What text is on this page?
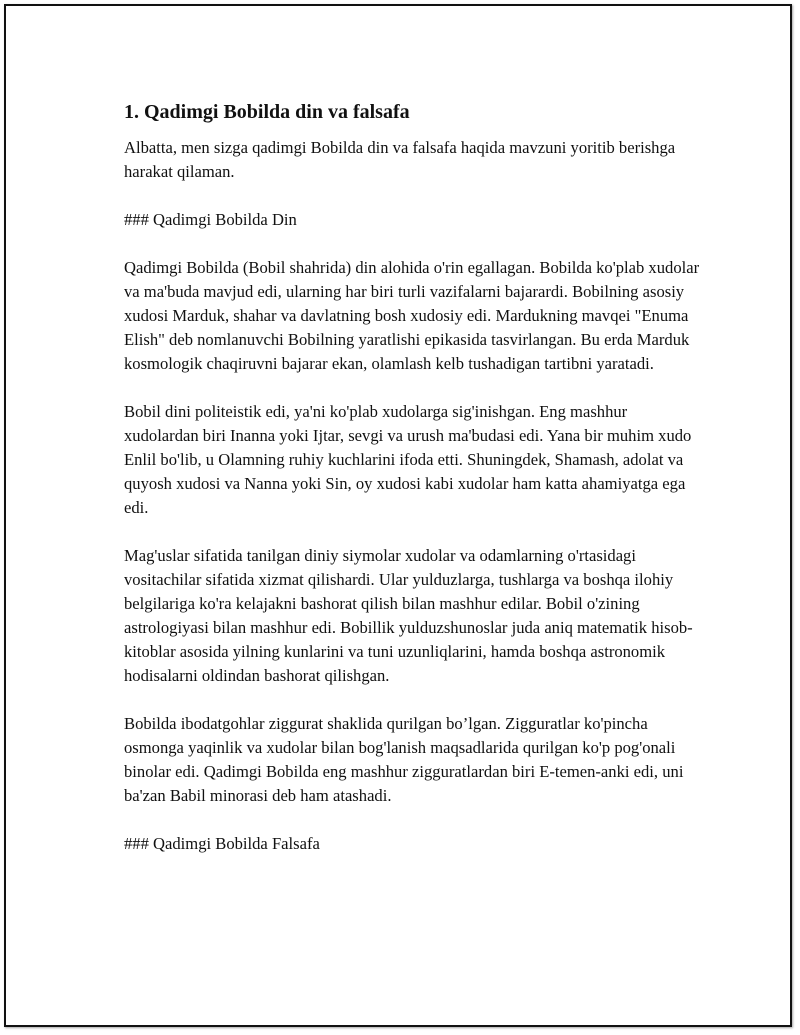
1. Qadimgi Bobilda din va falsafa

Albatta, men sizga qadimgi Bobilda din va falsafa haqida mavzuni yoritib berishga harakat qilaman.

### Qadimgi Bobilda Din

Qadimgi Bobilda (Bobil shahrida) din alohida o'rin egallagan. Bobilda ko'plab xudolar va ma'buda mavjud edi, ularning har biri turli vazifalarni bajarardi. Bobilning asosiy xudosi Marduk, shahar va davlatning bosh xudosiy edi. Mardukning mavqei "Enuma Elish" deb nomlanuvchi Bobilning yaratlishi epikasida tasvirlangan. Bu erda Marduk kosmologik chaqiruvni bajarar ekan, olamlash kelb tushadigan tartibni yaratadi.

Bobil dini politeistik edi, ya'ni ko'plab xudolarga sig'inishgan. Eng mashhur xudolardan biri Inanna yoki Ijtar, sevgi va urush ma'budasi edi. Yana bir muhim xudo Enlil bo'lib, u Olamning ruhiy kuchlarini ifoda etti. Shuningdek, Shamash, adolat va quyosh xudosi va Nanna yoki Sin, oy xudosi kabi xudolar ham katta ahamiyatga ega edi.

Mag'uslar sifatida tanilgan diniy siymolar xudolar va odamlarning o'rtasidagi vositachilar sifatida xizmat qilishardi. Ular yulduzlarga, tushlarga va boshqa ilohiy belgilariga ko'ra kelajakni bashorat qilish bilan mashhur edilar. Bobil o'zining astrologiyasi bilan mashhur edi. Bobillik yulduzshunoslar juda aniq matematik hisob-kitoblar asosida yilning kunlarini va tuni uzunliqlarini, hamda boshqa astronomik hodisalarni oldindan bashorat qilishgan.

Bobilda ibodatgohlar ziggurat shaklida qurilgan bo’lgan. Zigguratlar ko'pincha osmonga yaqinlik va xudolar bilan bog'lanish maqsadlarida qurilgan ko'p pog'onali binolar edi. Qadimgi Bobilda eng mashhur zigguratlardan biri E-temen-anki edi, uni ba'zan Babil minorasi deb ham atashadi.

### Qadimgi Bobilda Falsafa
